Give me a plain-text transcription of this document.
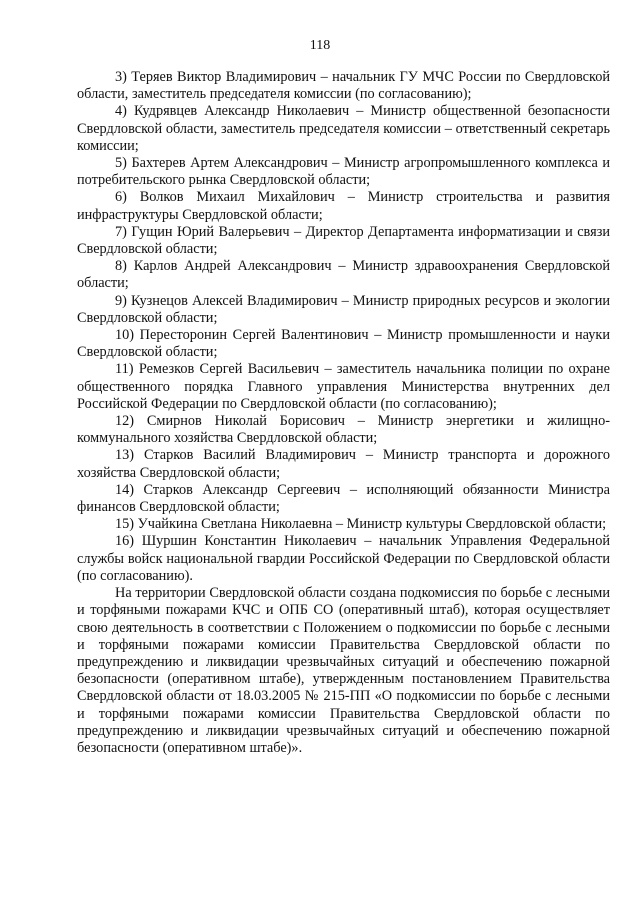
118

3) Теряев Виктор Владимирович – начальник ГУ МЧС России по Свердловской области, заместитель председателя комиссии (по согласованию);

4) Кудрявцев Александр Николаевич – Министр общественной безопасности Свердловской области, заместитель председателя комиссии – ответственный секретарь комиссии;

5) Бахтерев Артем Александрович – Министр агропромышленного комплекса и потребительского рынка Свердловской области;

6) Волков Михаил Михайлович – Министр строительства и развития инфраструктуры Свердловской области;

7) Гущин Юрий Валерьевич – Директор Департамента информатизации и связи Свердловской области;

8) Карлов Андрей Александрович – Министр здравоохранения Свердловской области;

9) Кузнецов Алексей Владимирович – Министр природных ресурсов и экологии Свердловской области;

10) Пересторонин Сергей Валентинович – Министр промышленности и науки Свердловской области;

11) Ремезков Сергей Васильевич – заместитель начальника полиции по охране общественного порядка Главного управления Министерства внутренних дел Российской Федерации по Свердловской области (по согласованию);

12) Смирнов Николай Борисович – Министр энергетики и жилищно-коммунального хозяйства Свердловской области;

13) Старков Василий Владимирович – Министр транспорта и дорожного хозяйства Свердловской области;

14) Старков Александр Сергеевич – исполняющий обязанности Министра финансов Свердловской области;

15) Учайкина Светлана Николаевна – Министр культуры Свердловской области;

16) Шуршин Константин Николаевич – начальник Управления Федеральной службы войск национальной гвардии Российской Федерации по Свердловской области (по согласованию).

На территории Свердловской области создана подкомиссия по борьбе с лесными и торфяными пожарами КЧС и ОПБ СО (оперативный штаб), которая осуществляет свою деятельность в соответствии с Положением о подкомиссии по борьбе с лесными и торфяными пожарами комиссии Правительства Свердловской области по предупреждению и ликвидации чрезвычайных ситуаций и обеспечению пожарной безопасности (оперативном штабе), утвержденным постановлением Правительства Свердловской области от 18.03.2005 № 215-ПП «О подкомиссии по борьбе с лесными и торфяными пожарами комиссии Правительства Свердловской области по предупреждению и ликвидации чрезвычайных ситуаций и обеспечению пожарной безопасности (оперативном штабе)».
